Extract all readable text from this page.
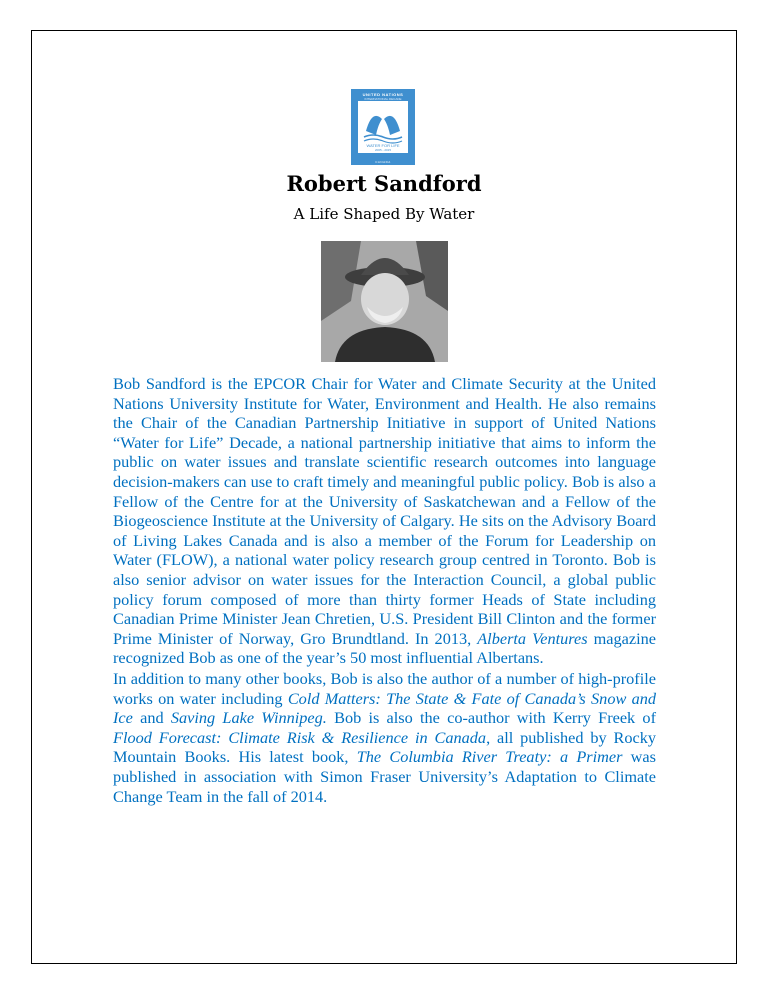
UNITED NATIONS
INTERNATIONAL DECADE
WATER FOR LIFE
2005 - 2015
CANADA
Robert Sandford
A Life Shaped By Water

Bob Sandford is the EPCOR Chair for Water and Climate Security at the United Nations University Institute for Water, Environment and Health. He also remains the Chair of the Canadian Partnership Initiative in support of United Nations “Water for Life” Decade, a national partnership initiative that aims to inform the public on water issues and translate scientific research outcomes into language decision-makers can use to craft timely and meaningful public policy. Bob is also a Fellow of the Centre for at the University of Saskatchewan and a Fellow of the Biogeoscience Institute at the University of Calgary. He sits on the Advisory Board of Living Lakes Canada and is also a member of the Forum for Leadership on Water (FLOW), a national water policy research group centred in Toronto. Bob is also senior advisor on water issues for the Interaction Council, a global public policy forum composed of more than thirty former Heads of State including Canadian Prime Minister Jean Chretien, U.S. President Bill Clinton and the former Prime Minister of Norway, Gro Brundtland. In 2013, Alberta Ventures magazine recognized Bob as one of the year’s 50 most influential Albertans.

In addition to many other books, Bob is also the author of a number of high-profile works on water including Cold Matters: The State & Fate of Canada’s Snow and Ice and Saving Lake Winnipeg. Bob is also the co-author with Kerry Freek of Flood Forecast: Climate Risk & Resilience in Canada, all published by Rocky Mountain Books. His latest book, The Columbia River Treaty: a Primer was published in association with Simon Fraser University’s Adaptation to Climate Change Team in the fall of 2014.
